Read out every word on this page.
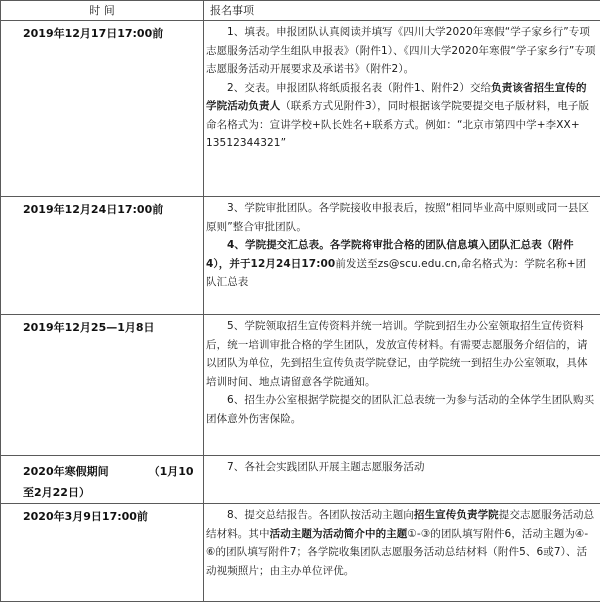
时 间	报名事项

2019年12月17日17:00前	1、填表。申报团队认真阅读并填写《四川大学2020年寒假“学子家乡行”专项志愿服务活动学生组队申报表》（附件1）、《四川大学2020年寒假“学子家乡行”专项志愿服务活动开展要求及承诺书》（附件2）。

2、交表。申报团队将纸质报名表（附件1、附件2）交给负责该省招生宣传的学院活动负责人（联系方式见附件3），同时根据该学院要提交电子版材料，电子版命名格式为：宣讲学校+队长姓名+联系方式。例如：“北京市第四中学+李XX+ 13512344321”

2019年12月24日17:00前	3、学院审批团队。各学院接收申报表后，按照“相同毕业高中原则或同一县区原则”整合审批团队。

4、学院提交汇总表。各学院将审批合格的团队信息填入团队汇总表（附件4），并于12月24日17:00前发送至zs@scu.edu.cn,命名格式为：学院名称+团队汇总表

2019年12月25—1月8日	5、学院领取招生宣传资料并统一培训。学院到招生办公室领取招生宣传资料后，统一培训审批合格的学生团队，发放宣传材料。有需要志愿服务介绍信的，请以团队为单位，先到招生宣传负责学院登记，由学院统一到招生办公室领取，具体培训时间、地点请留意各学院通知。

6、招生办公室根据学院提交的团队汇总表统一为参与活动的全体学生团队购买团体意外伤害保险。

2020年寒假期间 （1月10至2月22日）	7、各社会实践团队开展主题志愿服务活动

2020年3月9日17:00前	8、提交总结报告。各团队按活动主题向招生宣传负责学院提交志愿服务活动总结材料。其中活动主题为活动简介中的主题①-③的团队填写附件6，活动主题为④-⑥的团队填写附件7；各学院收集团队志愿服务活动总结材料（附件5、6或7）、活动视频照片；由主办单位评优。
